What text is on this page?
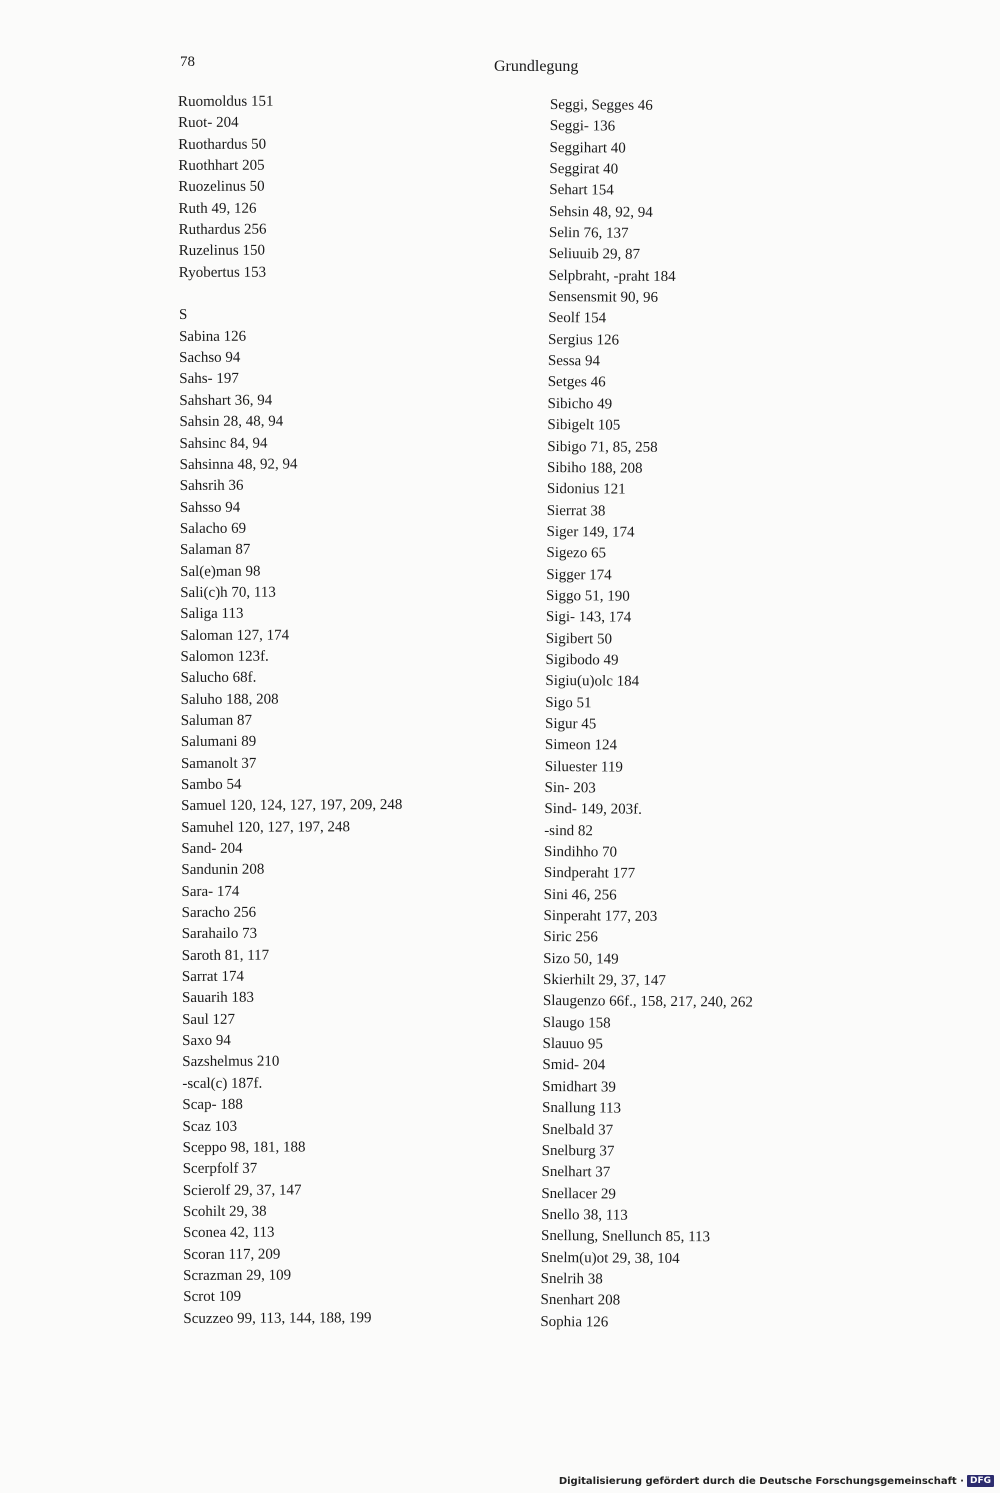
78	Grundlegung
Ruomoldus 151
Ruot- 204
Ruothardus 50
Ruothhart 205
Ruozelinus 50
Ruth 49, 126
Ruthardus 256
Ruzelinus 150
Ryobertus 153
S
Sabina 126
Sachso 94
Sahs- 197
Sahshart 36, 94
Sahsin 28, 48, 94
Sahsinc 84, 94
Sahsinna 48, 92, 94
Sahsrih 36
Sahsso 94
Salacho 69
Salaman 87
Sal(e)man 98
Sali(c)h 70, 113
Saliga 113
Saloman 127, 174
Salomon 123f.
Salucho 68f.
Saluho 188, 208
Saluman 87
Salumani 89
Samanolt 37
Sambo 54
Samuel 120, 124, 127, 197, 209, 248
Samuhel 120, 127, 197, 248
Sand- 204
Sandunin 208
Sara- 174
Saracho 256
Sarahailo 73
Saroth 81, 117
Sarrat 174
Sauarih 183
Saul 127
Saxo 94
Sazshelmus 210
-scal(c) 187f.
Scap- 188
Scaz 103
Sceppo 98, 181, 188
Scerpfolf 37
Scierolf 29, 37, 147
Scohilt 29, 38
Sconea 42, 113
Scoran 117, 209
Scrazman 29, 109
Scrot 109
Scuzzeo 99, 113, 144, 188, 199
Seggi, Segges 46
Seggi- 136
Seggihart 40
Seggirat 40
Sehart 154
Sehsin 48, 92, 94
Selin 76, 137
Seliuuib 29, 87
Selpbraht, -praht 184
Sensensmit 90, 96
Seolf 154
Sergius 126
Sessa 94
Setges 46
Sibicho 49
Sibigelt 105
Sibigo 71, 85, 258
Sibiho 188, 208
Sidonius 121
Sierrat 38
Siger 149, 174
Sigezo 65
Sigger 174
Siggo 51, 190
Sigi- 143, 174
Sigibert 50
Sigibodo 49
Sigiu(u)olc 184
Sigo 51
Sigur 45
Simeon 124
Siluester 119
Sin- 203
Sind- 149, 203f.
-sind 82
Sindihho 70
Sindperaht 177
Sini 46, 256
Sinperaht 177, 203
Siric 256
Sizo 50, 149
Skierhilt 29, 37, 147
Slaugenzo 66f., 158, 217, 240, 262
Slaugo 158
Slauuo 95
Smid- 204
Smidhart 39
Snallung 113
Snelbald 37
Snelburg 37
Snelhart 37
Snellacer 29
Snello 38, 113
Snellung, Snellunch 85, 113
Snelm(u)ot 29, 38, 104
Snelrih 38
Snenhart 208
Sophia 126
Digitalisierung gefördert durch die Deutsche Forschungsgemeinschaft · DFG
